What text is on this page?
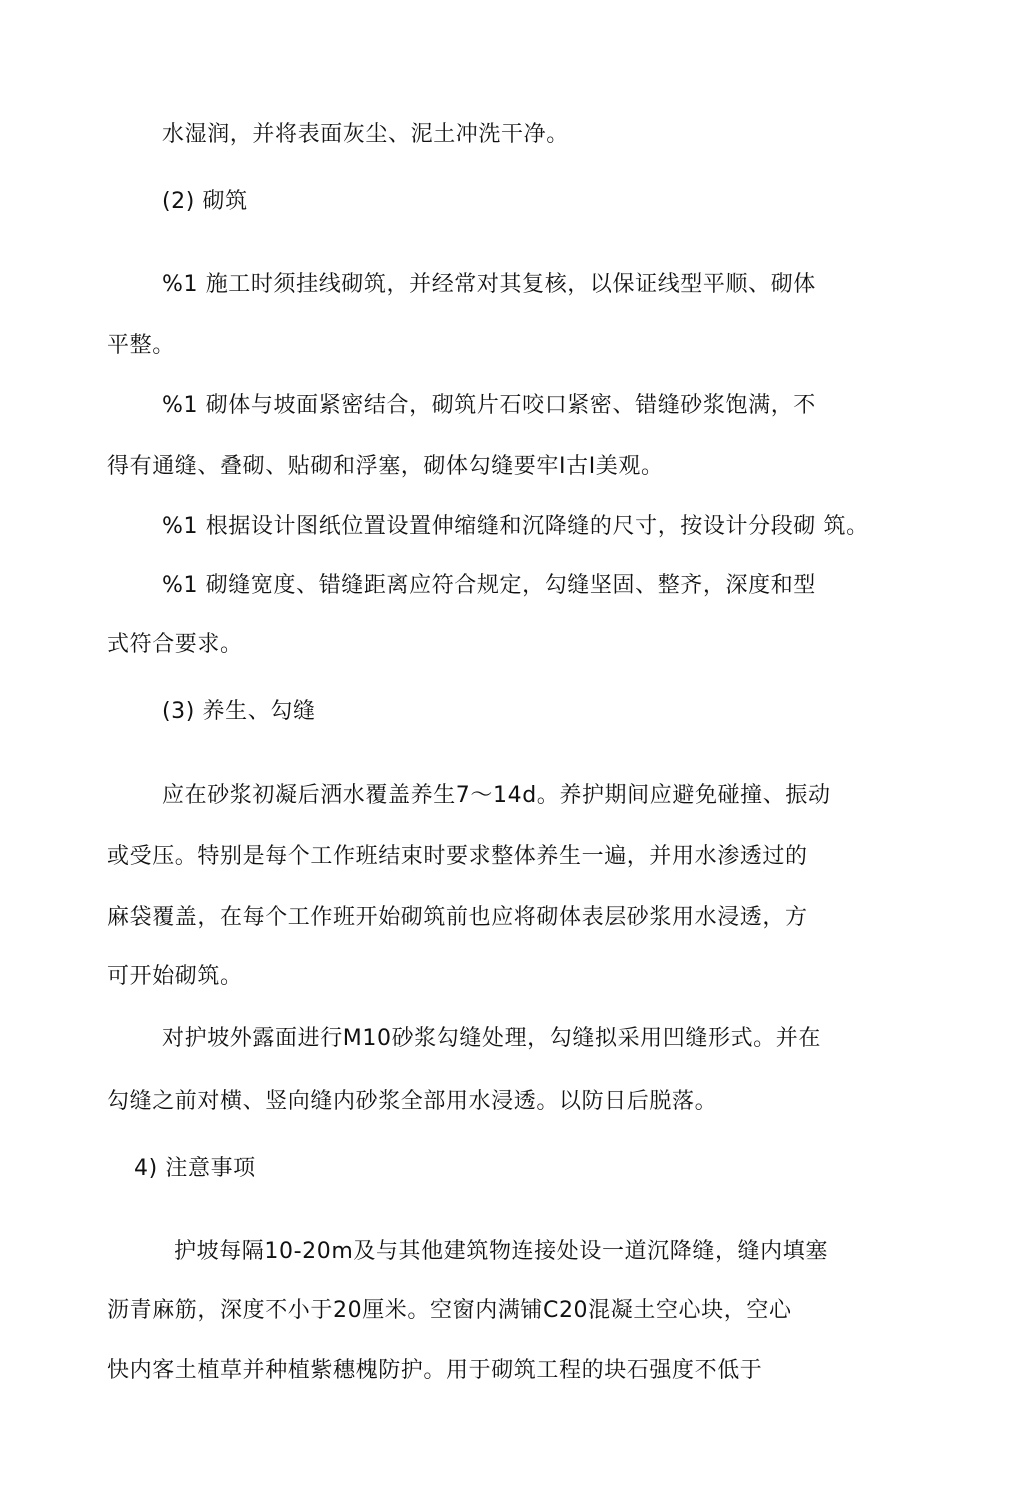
水湿润，并将表面灰尘、泥土冲洗干净。
(2) 砌筑
%1 施工时须挂线砌筑，并经常对其复核，以保证线型平顺、砌体
平整。
%1 砌体与坡面紧密结合，砌筑片石咬口紧密、错缝砂浆饱满，不
得有通缝、叠砌、贴砌和浮塞，砌体勾缝要牢I古I美观。
%1 根据设计图纸位置设置伸缩缝和沉降缝的尺寸，按设计分段砌 筑。
%1 砌缝宽度、错缝距离应符合规定，勾缝坚固、整齐，深度和型
式符合要求。
(3) 养生、勾缝
应在砂浆初凝后洒水覆盖养生7～14d。养护期间应避免碰撞、振动
或受压。特别是每个工作班结束时要求整体养生一遍，并用水渗透过的
麻袋覆盖，在每个工作班开始砌筑前也应将砌体表层砂浆用水浸透，方
可开始砌筑。
对护坡外露面进行M10砂浆勾缝处理，勾缝拟采用凹缝形式。并在
勾缝之前对横、竖向缝内砂浆全部用水浸透。以防日后脱落。
4) 注意事项
护坡每隔10-20m及与其他建筑物连接处设一道沉降缝，缝内填塞
沥青麻筋，深度不小于20厘米。空窗内满铺C20混凝土空心块，空心
快内客土植草并种植紫穗槐防护。用于砌筑工程的块石强度不低于
